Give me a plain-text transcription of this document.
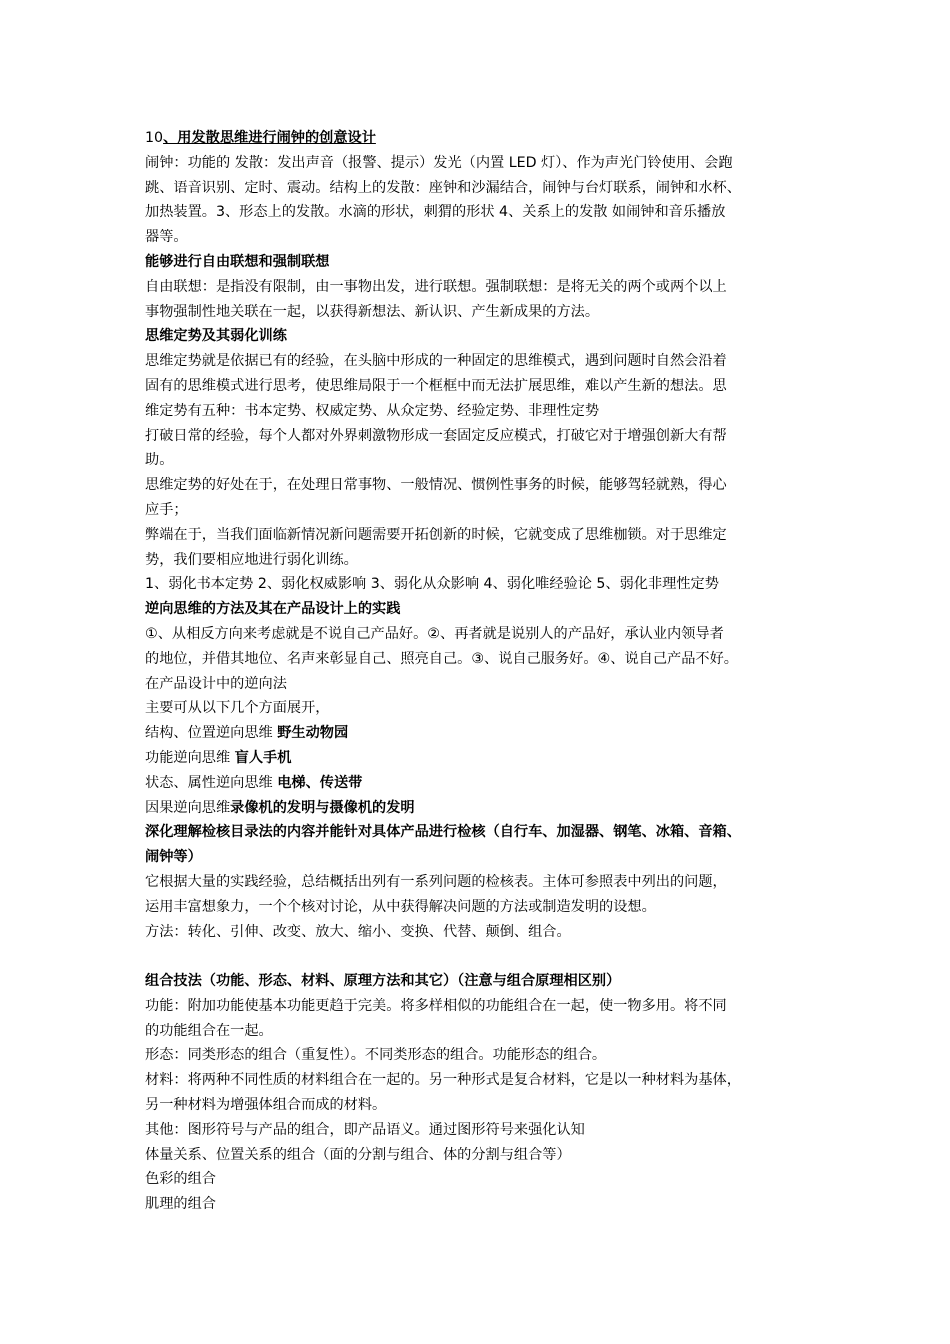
10、用发散思维进行闹钟的创意设计
闹钟：功能的 发散：发出声音（报警、提示）发光（内置 LED 灯）、作为声光门铃使用、会跑
跳、语音识别、定时、震动。结构上的发散：座钟和沙漏结合，闹钟与台灯联系，闹钟和水杯、
加热装置。3、形态上的发散。水滴的形状，刺猬的形状 4、关系上的发散 如闹钟和音乐播放
器等。
能够进行自由联想和强制联想
自由联想：是指没有限制，由一事物出发，进行联想。强制联想：是将无关的两个或两个以上
事物强制性地关联在一起，以获得新想法、新认识、产生新成果的方法。
思维定势及其弱化训练
思维定势就是依据已有的经验，在头脑中形成的一种固定的思维模式，遇到问题时自然会沿着
固有的思维模式进行思考，使思维局限于一个框框中而无法扩展思维，难以产生新的想法。思
维定势有五种：书本定势、权威定势、从众定势、经验定势、非理性定势
打破日常的经验，每个人都对外界刺激物形成一套固定反应模式，打破它对于增强创新大有帮
助。
思维定势的好处在于，在处理日常事物、一般情况、惯例性事务的时候，能够驾轻就熟，得心
应手；
弊端在于，当我们面临新情况新问题需要开拓创新的时候，它就变成了思维枷锁。对于思维定
势，我们要相应地进行弱化训练。
1、弱化书本定势 2、弱化权威影响 3、弱化从众影响 4、弱化唯经验论 5、弱化非理性定势
逆向思维的方法及其在产品设计上的实践
①、从相反方向来考虑就是不说自己产品好。②、再者就是说别人的产品好，承认业内领导者
的地位，并借其地位、名声来彰显自己、照亮自己。③、说自己服务好。④、说自己产品不好。
在产品设计中的逆向法
主要可从以下几个方面展开，
结构、位置逆向思维 野生动物园
功能逆向思维 盲人手机
状态、属性逆向思维 电梯、传送带
因果逆向思维录像机的发明与摄像机的发明
深化理解检核目录法的内容并能针对具体产品进行检核（自行车、加湿器、钢笔、冰箱、音箱、
闹钟等）
它根据大量的实践经验，总结概括出列有一系列问题的检核表。主体可参照表中列出的问题，
运用丰富想象力，一个个核对讨论，从中获得解决问题的方法或制造发明的设想。
方法：转化、引伸、改变、放大、缩小、变换、代替、颠倒、组合。
组合技法（功能、形态、材料、原理方法和其它）（注意与组合原理相区别）
功能：附加功能使基本功能更趋于完美。将多样相似的功能组合在一起，使一物多用。将不同
的功能组合在一起。
形态：同类形态的组合（重复性）。不同类形态的组合。功能形态的组合。
材料：将两种不同性质的材料组合在一起的。另一种形式是复合材料，它是以一种材料为基体，
另一种材料为增强体组合而成的材料。
其他：图形符号与产品的组合，即产品语义。通过图形符号来强化认知
体量关系、位置关系的组合（面的分割与组合、体的分割与组合等）
色彩的组合
肌理的组合
